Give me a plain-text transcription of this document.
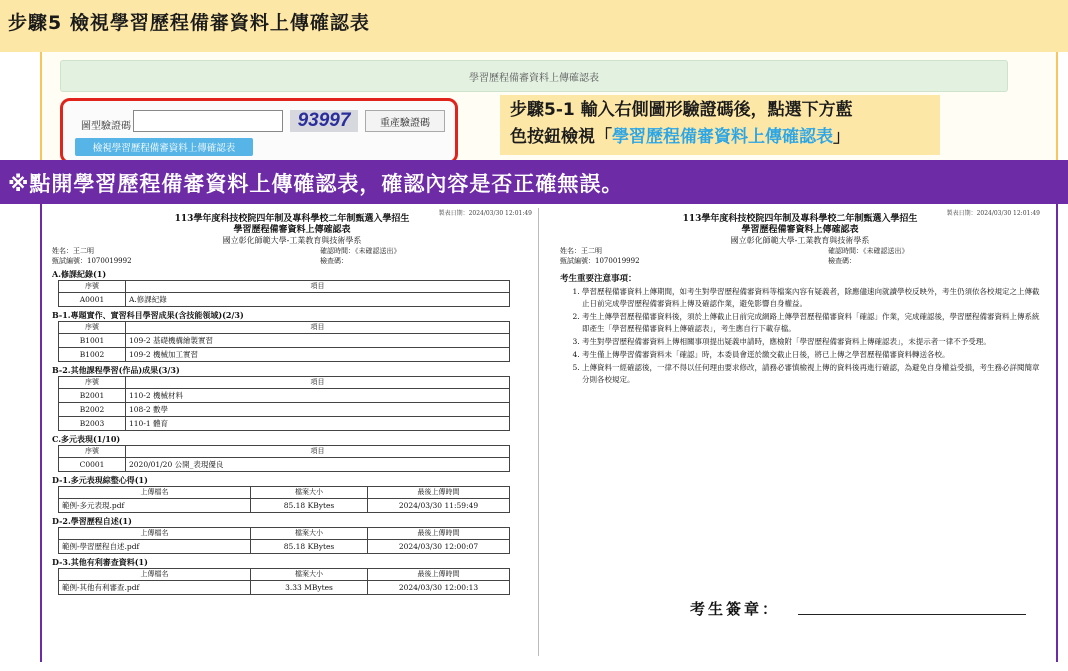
步驟5 檢視學習歷程備審資料上傳確認表
學習歷程備審資料上傳確認表
圖型驗證碼	93997	重產驗證碼
檢視學習歷程備審資料上傳確認表
步驟5-1 輸入右側圖形驗證碼後，點選下方藍
色按鈕檢視「學習歷程備審資料上傳確認表」
※點開學習歷程備審資料上傳確認表，確認內容是否正確無誤。
製表日期：2024/03/30 12:01:49
113學年度科技校院四年制及專科學校二年制甄選入學招生
學習歷程備審資料上傳確認表
國立彰化師範大學-工業教育與技術學系
姓名：王二明
甄試編號：1070019992
確認時間：《未確認送出》
檢查碼：
A.修課紀錄(1)
序號	項目
A0001	A.修課紀錄
B-1.專題實作、實習科目學習成果(含技能領域)(2/3)
序號	項目
B1001	109-2 基礎機構繪製實習
B1002	109-2 機械加工實習
B-2.其他課程學習(作品)成果(3/3)
序號	項目
B2001	110-2 機械材料
B2002	108-2 數學
B2003	110-1 體育
C.多元表現(1/10)
序號	項目
C0001	2020/01/20 公開_表現優良
D-1.多元表現綜整心得(1)
上傳檔名	檔案大小	最後上傳時間
範例-多元表現.pdf	85.18 KBytes	2024/03/30 11:59:49
D-2.學習歷程自述(1)
上傳檔名	檔案大小	最後上傳時間
範例-學習歷程自述.pdf	85.18 KBytes	2024/03/30 12:00:07
D-3.其他有利審查資料(1)
上傳檔名	檔案大小	最後上傳時間
範例-其他有利審查.pdf	3.33 MBytes	2024/03/30 12:00:13
製表日期：2024/03/30 12:01:49
113學年度科技校院四年制及專科學校二年制甄選入學招生
學習歷程備審資料上傳確認表
國立彰化師範大學-工業教育與技術學系
姓名：王二明
甄試編號：1070019992
確認時間：《未確認送出》
檢查碼：
考生重要注意事項：
1. 學習歷程備審資料上傳期間，如考生對學習歷程備審資料等檔案內容有疑義者，除應儘速向就讀學校反映外，考生仍須依各校規定之上傳截止日前完成學習歷程備審資料上傳及確認作業，避免影響自身權益。
2. 考生上傳學習歷程備審資料後，須於上傳截止日前完成網路上傳學習歷程備審資料「確認」作業，完成確認後，學習歷程備審資料上傳系統即產生「學習歷程備審資料上傳確認表」，考生應自行下載存檔。
3. 考生對學習歷程備審資料上傳相關事項提出疑義申請時，應檢附「學習歷程備審資料上傳確認表」，未提示者一律不予受理。
4. 考生僅上傳學習備審資料未「確認」時，本委員會逕於繳交截止日後，將已上傳之學習歷程備審資料轉送各校。
5. 上傳資料一經確認後，一律不得以任何理由要求修改，請務必審慎檢視上傳的資料後再進行確認，為避免自身權益受損，考生務必詳閱簡章分則各校規定。
考生簽章：
